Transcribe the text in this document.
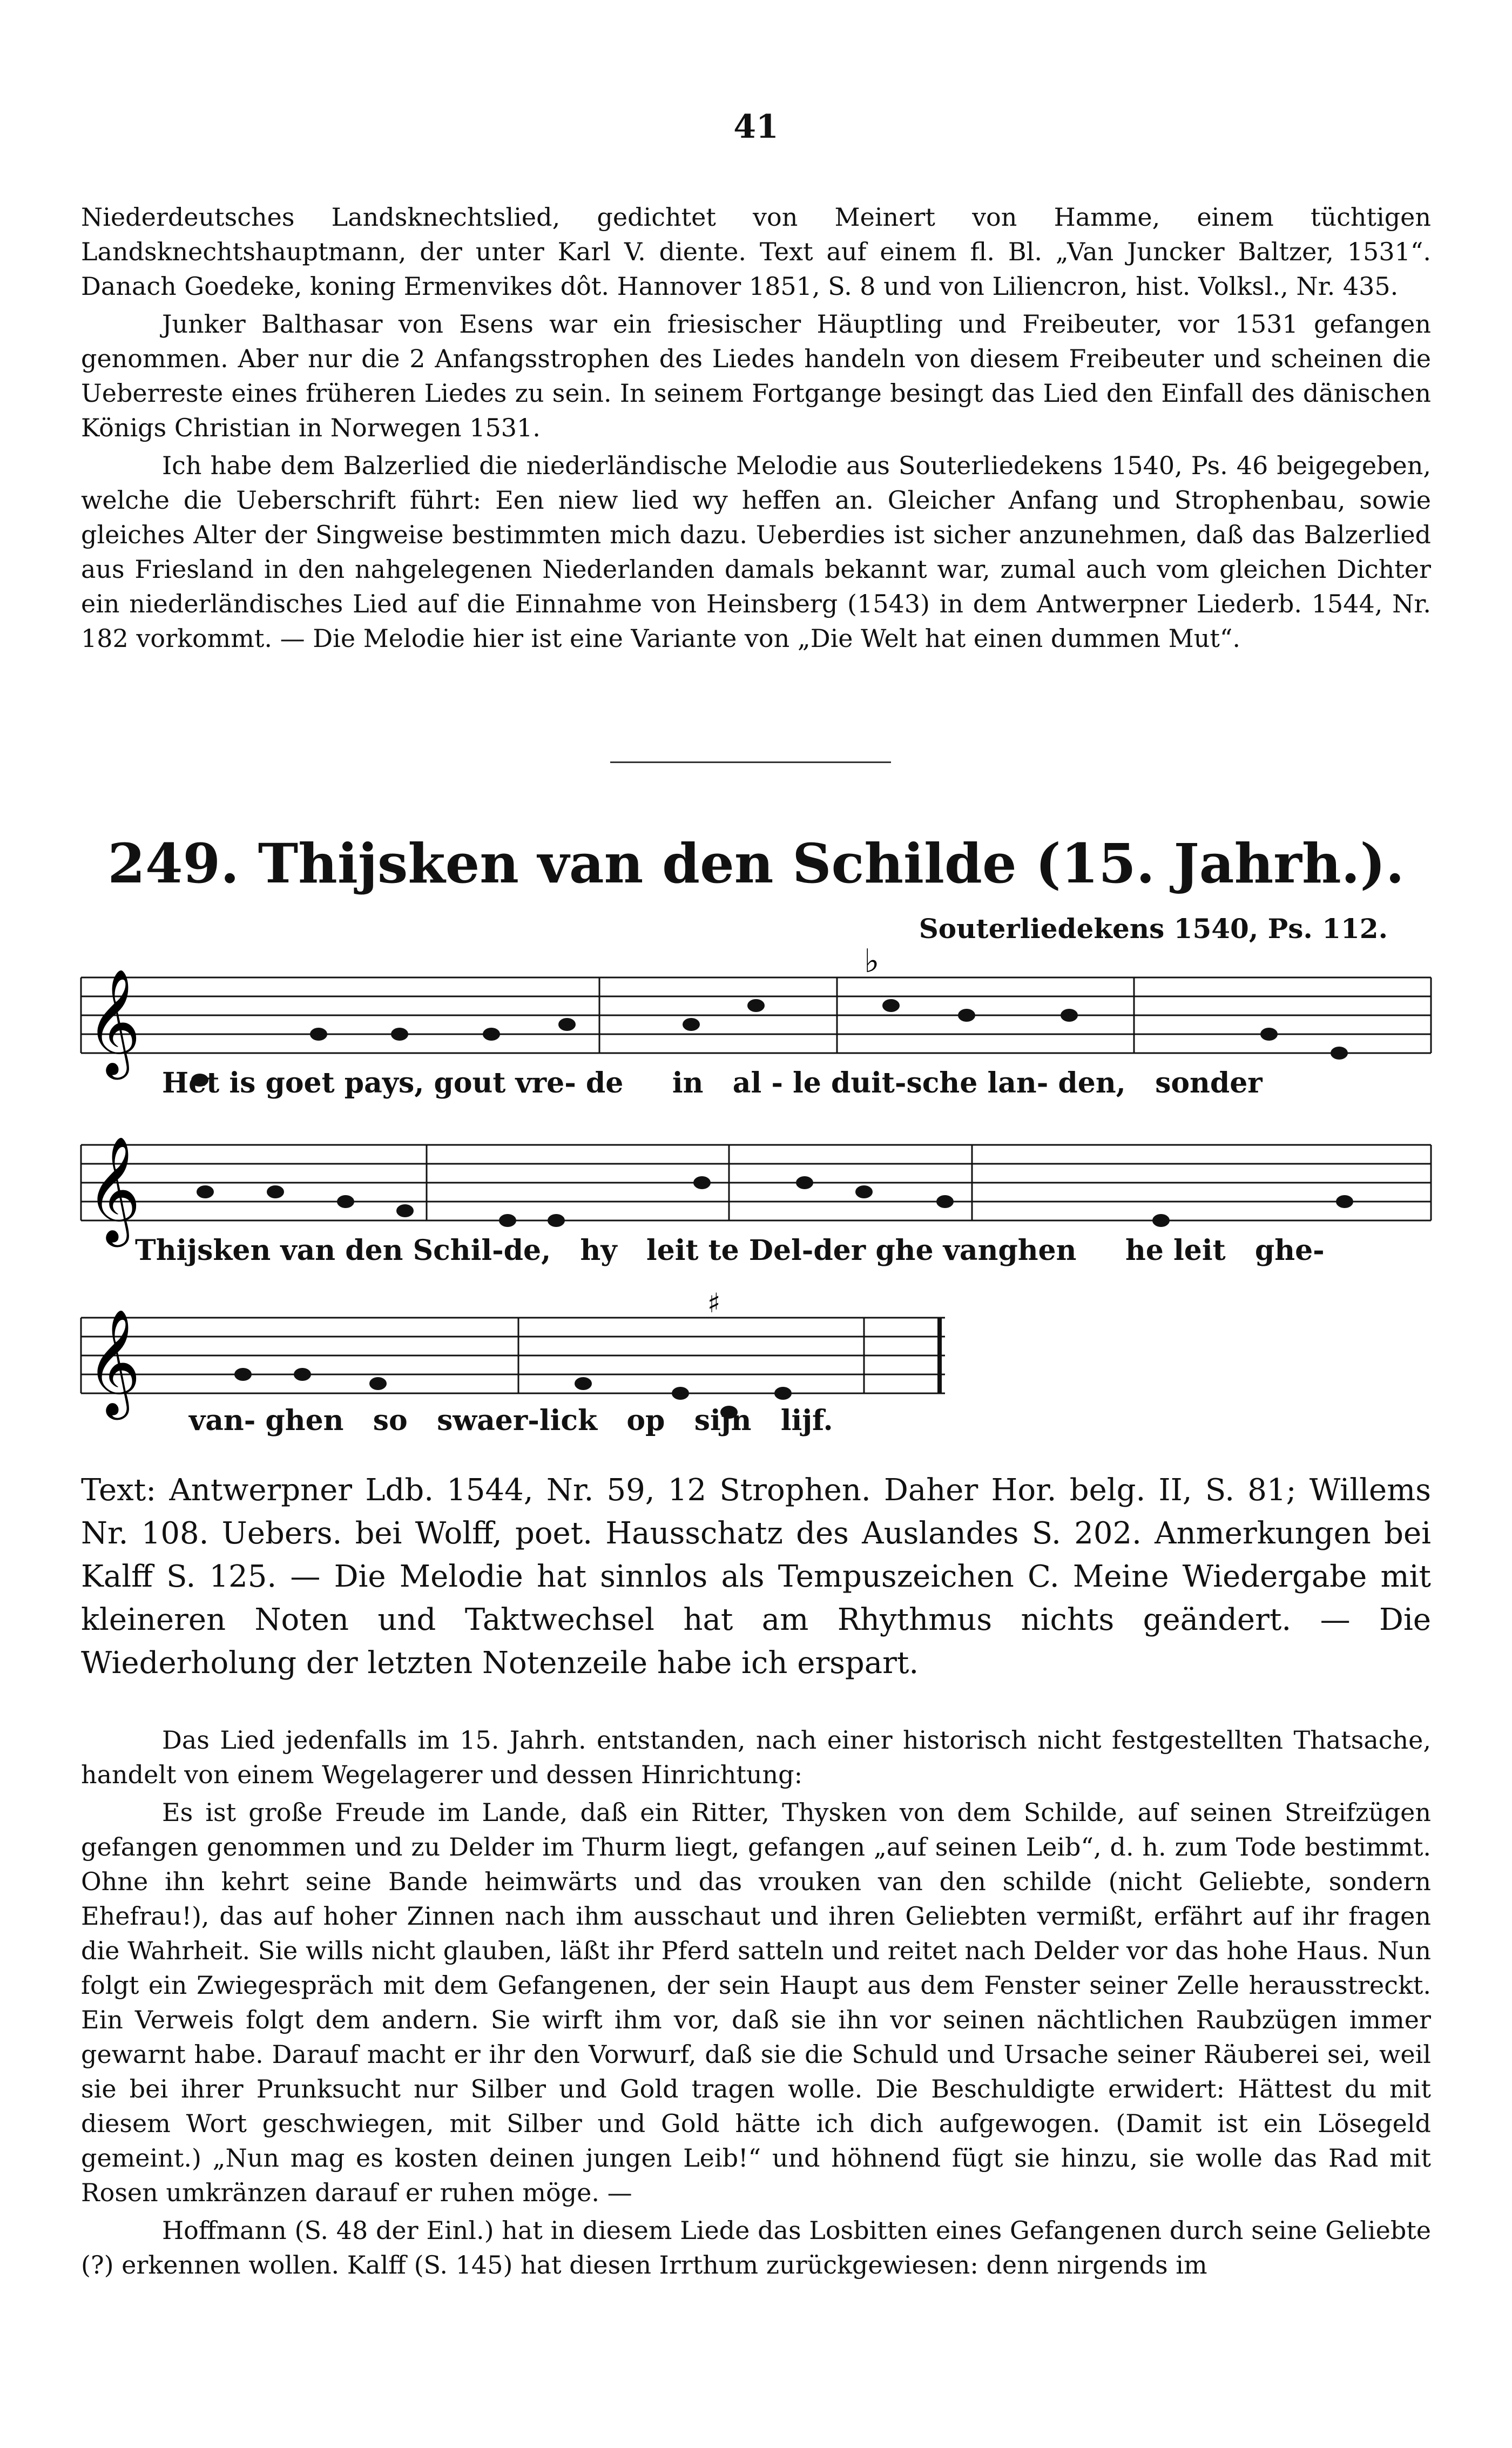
41

Niederdeutsches Landsknechtslied, gedichtet von Meinert von Hamme, einem tüchtigen Landsknechtshauptmann, der unter Karl V. diente. Text auf einem fl. Bl. „Van Juncker Baltzer, 1531“. Danach Goedeke, koning Ermenvikes dôt. Hannover 1851, S. 8 und von Liliencron, hist. Volksl., Nr. 435.

Junker Balthasar von Esens war ein friesischer Häuptling und Freibeuter, vor 1531 gefangen genommen. Aber nur die 2 Anfangsstrophen des Liedes handeln von diesem Freibeuter und scheinen die Ueberreste eines früheren Liedes zu sein. In seinem Fortgange besingt das Lied den Einfall des dänischen Königs Christian in Norwegen 1531.

Ich habe dem Balzerlied die niederländische Melodie aus Souterliedekens 1540, Ps. 46 beigegeben, welche die Ueberschrift führt: Een niew lied wy heffen an. Gleicher Anfang und Strophenbau, sowie gleiches Alter der Singweise bestimmten mich dazu. Ueberdies ist sicher anzunehmen, daß das Balzerlied aus Friesland in den nahgelegenen Niederlanden damals bekannt war, zumal auch vom gleichen Dichter ein niederländisches Lied auf die Einnahme von Heinsberg (1543) in dem Antwerpner Liederb. 1544, Nr. 182 vorkommt. — Die Melodie hier ist eine Variante von „Die Welt hat einen dummen Mut“.

249. Thijsken van den Schilde (15. Jahrh.).
Souterliedekens 1540, Ps. 112.
𝄞
♭
Het is goet pays, gout vre- de in al - le duit-sche lan- den, sonder
𝄞
Thijsken van den Schil-de, hy leit te Del-der ghe vanghen he leit ghe-
𝄞
♯
van- ghen so swaer-lick op sijn lijf.

Text: Antwerpner Ldb. 1544, Nr. 59, 12 Strophen. Daher Hor. belg. II, S. 81; Willems Nr. 108. Uebers. bei Wolff, poet. Hausschatz des Auslandes S. 202. Anmerkungen bei Kalff S. 125. — Die Melodie hat sinnlos als Tempuszeichen C. Meine Wiedergabe mit kleineren Noten und Taktwechsel hat am Rhythmus nichts geändert. — Die Wiederholung der letzten Notenzeile habe ich erspart.

Das Lied jedenfalls im 15. Jahrh. entstanden, nach einer historisch nicht festgestellten Thatsache, handelt von einem Wegelagerer und dessen Hinrichtung:

Es ist große Freude im Lande, daß ein Ritter, Thysken von dem Schilde, auf seinen Streifzügen gefangen genommen und zu Delder im Thurm liegt, gefangen „auf seinen Leib“, d. h. zum Tode bestimmt. Ohne ihn kehrt seine Bande heimwärts und das vrouken van den schilde (nicht Geliebte, sondern Ehefrau!), das auf hoher Zinnen nach ihm ausschaut und ihren Geliebten vermißt, erfährt auf ihr fragen die Wahrheit. Sie wills nicht glauben, läßt ihr Pferd satteln und reitet nach Delder vor das hohe Haus. Nun folgt ein Zwiegespräch mit dem Gefangenen, der sein Haupt aus dem Fenster seiner Zelle herausstreckt. Ein Verweis folgt dem andern. Sie wirft ihm vor, daß sie ihn vor seinen nächtlichen Raubzügen immer gewarnt habe. Darauf macht er ihr den Vorwurf, daß sie die Schuld und Ursache seiner Räuberei sei, weil sie bei ihrer Prunksucht nur Silber und Gold tragen wolle. Die Beschuldigte erwidert: Hättest du mit diesem Wort geschwiegen, mit Silber und Gold hätte ich dich aufgewogen. (Damit ist ein Lösegeld gemeint.) „Nun mag es kosten deinen jungen Leib!“ und höhnend fügt sie hinzu, sie wolle das Rad mit Rosen umkränzen darauf er ruhen möge. —

Hoffmann (S. 48 der Einl.) hat in diesem Liede das Losbitten eines Gefangenen durch seine Geliebte (?) erkennen wollen. Kalff (S. 145) hat diesen Irrthum zurückgewiesen: denn nirgends im
